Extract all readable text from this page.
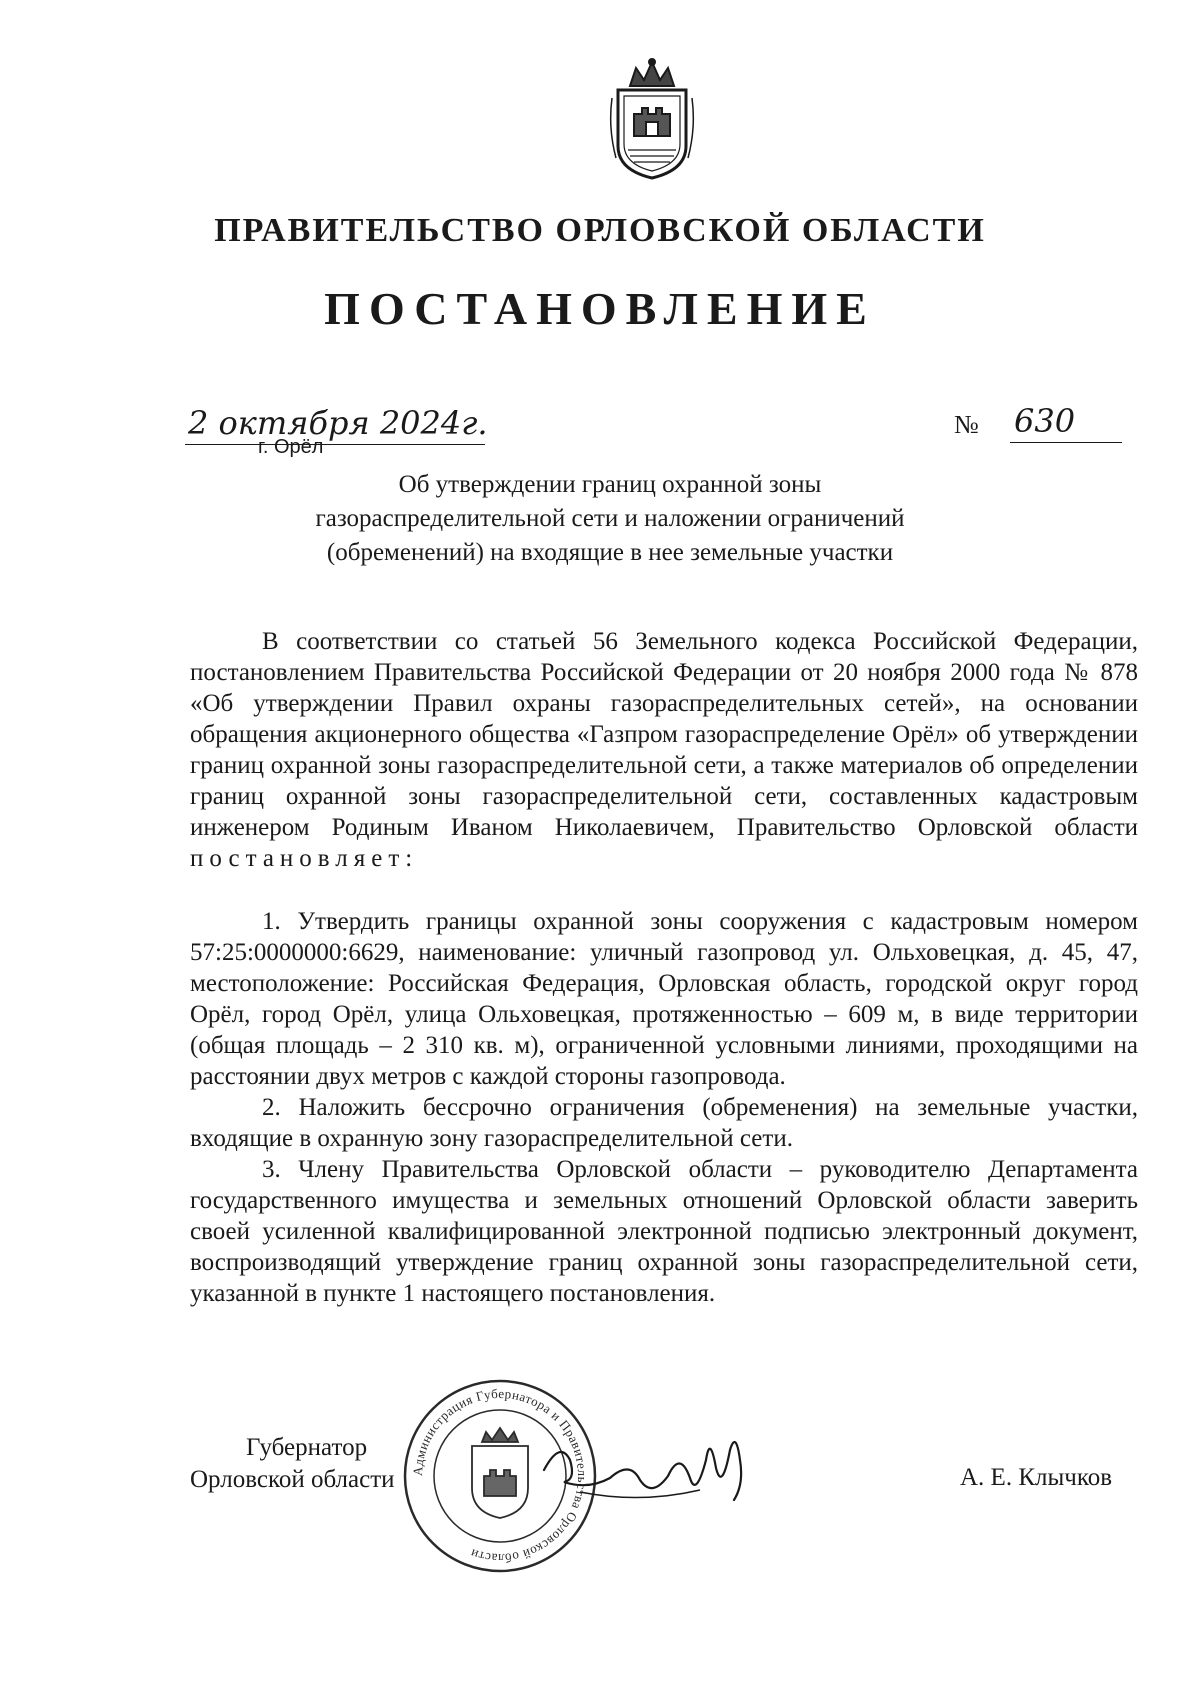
ПРАВИТЕЛЬСТВО ОРЛОВСКОЙ ОБЛАСТИ
ПОСТАНОВЛЕНИЕ
2 октября 2024г.
г. Орёл
№ 630
Об утверждении границ охранной зоны
газораспределительной сети и наложении ограничений
(обременений) на входящие в нее земельные участки

В соответствии со статьей 56 Земельного кодекса Российской Федерации, постановлением Правительства Российской Федерации от 20 ноября 2000 года № 878 «Об утверждении Правил охраны газораспределительных сетей», на основании обращения акционерного общества «Газпром газораспределение Орёл» об утверждении границ охранной зоны газораспределительной сети, а также материалов об определении границ охранной зоны газораспределительной сети, составленных кадастровым инженером Родиным Иваном Николаевичем, Правительство Орловской области постановляет:

1. Утвердить границы охранной зоны сооружения с кадастровым номером 57:25:0000000:6629, наименование: уличный газопровод ул. Ольховецкая, д. 45, 47, местоположение: Российская Федерация, Орловская область, городской округ город Орёл, город Орёл, улица Ольховецкая, протяженностью – 609 м, в виде территории (общая площадь – 2 310 кв. м), ограниченной условными линиями, проходящими на расстоянии двух метров с каждой стороны газопровода.

2. Наложить бессрочно ограничения (обременения) на земельные участки, входящие в охранную зону газораспределительной сети.

3. Члену Правительства Орловской области – руководителю Департамента государственного имущества и земельных отношений Орловской области заверить своей усиленной квалифицированной электронной подписью электронный документ, воспроизводящий утверждение границ охранной зоны газораспределительной сети, указанной в пункте 1 настоящего постановления.

Губернатор
Орловской области Администрация Губернатора и Правительства Орловской области
А. Е. Клычков
